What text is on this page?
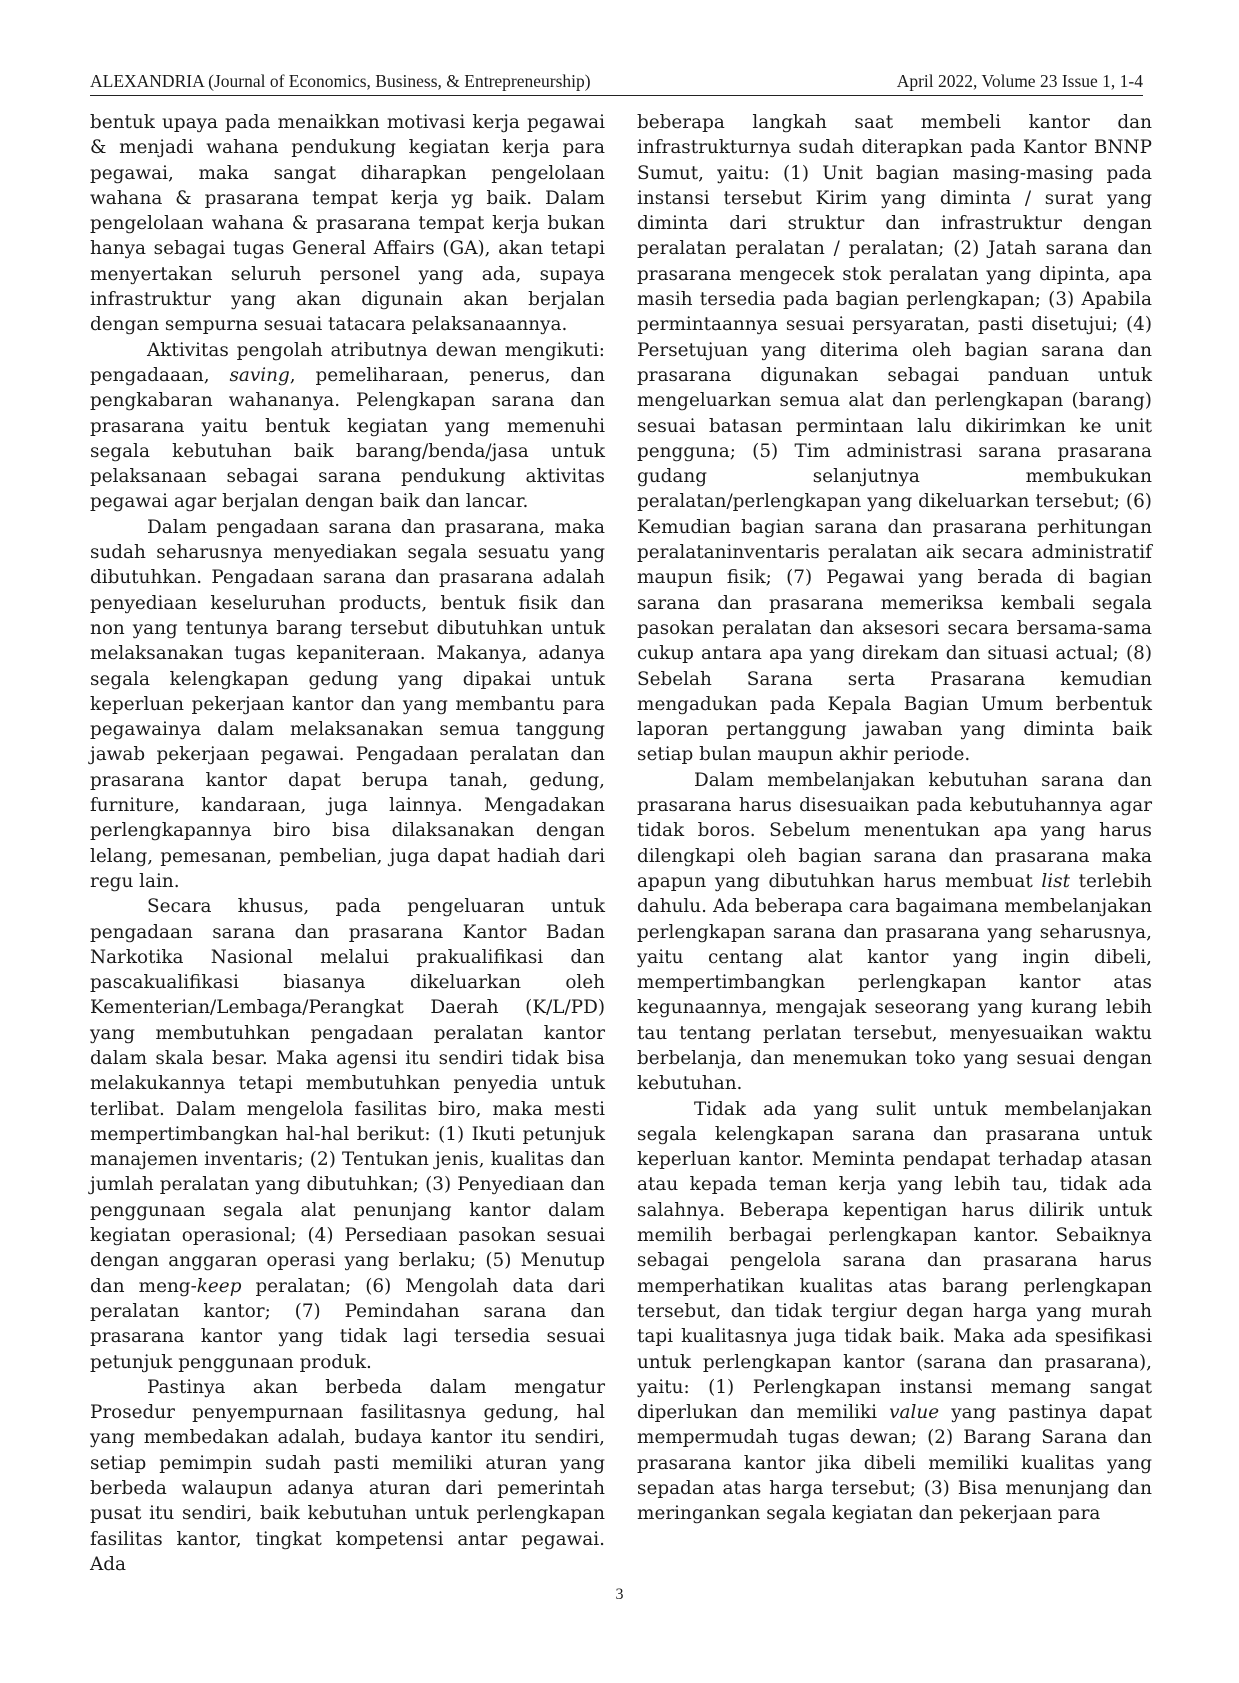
ALEXANDRIA (Journal of Economics, Business, & Entrepreneurship)	April 2022, Volume 23 Issue 1, 1-4

bentuk upaya pada menaikkan motivasi kerja pegawai & menjadi wahana pendukung kegiatan kerja para pegawai, maka sangat diharapkan pengelolaan wahana & prasarana tempat kerja yg baik. Dalam pengelolaan wahana & prasarana tempat kerja bukan hanya sebagai tugas General Affairs (GA), akan tetapi menyertakan seluruh personel yang ada, supaya infrastruktur yang akan digunain akan berjalan dengan sempurna sesuai tatacara pelaksanaannya.

Aktivitas pengolah atributnya dewan mengikuti: pengadaaan, saving, pemeliharaan, penerus, dan pengkabaran wahananya. Pelengkapan sarana dan prasarana yaitu bentuk kegiatan yang memenuhi segala kebutuhan baik barang/benda/jasa untuk pelaksanaan sebagai sarana pendukung aktivitas pegawai agar berjalan dengan baik dan lancar.

Dalam pengadaan sarana dan prasarana, maka sudah seharusnya menyediakan segala sesuatu yang dibutuhkan. Pengadaan sarana dan prasarana adalah penyediaan keseluruhan products, bentuk fisik dan non yang tentunya barang tersebut dibutuhkan untuk melaksanakan tugas kepaniteraan. Makanya, adanya segala kelengkapan gedung yang dipakai untuk keperluan pekerjaan kantor dan yang membantu para pegawainya dalam melaksanakan semua tanggung jawab pekerjaan pegawai. Pengadaan peralatan dan prasarana kantor dapat berupa tanah, gedung, furniture, kandaraan, juga lainnya. Mengadakan perlengkapannya biro bisa dilaksanakan dengan lelang, pemesanan, pembelian, juga dapat hadiah dari regu lain.

Secara khusus, pada pengeluaran untuk pengadaan sarana dan prasarana Kantor Badan Narkotika Nasional melalui prakualifikasi dan pascakualifikasi biasanya dikeluarkan oleh Kementerian/Lembaga/Perangkat Daerah (K/L/PD) yang membutuhkan pengadaan peralatan kantor dalam skala besar. Maka agensi itu sendiri tidak bisa melakukannya tetapi membutuhkan penyedia untuk terlibat. Dalam mengelola fasilitas biro, maka mesti mempertimbangkan hal-hal berikut: (1) Ikuti petunjuk manajemen inventaris; (2) Tentukan jenis, kualitas dan jumlah peralatan yang dibutuhkan; (3) Penyediaan dan penggunaan segala alat penunjang kantor dalam kegiatan operasional; (4) Persediaan pasokan sesuai dengan anggaran operasi yang berlaku; (5) Menutup dan meng-keep peralatan; (6) Mengolah data dari peralatan kantor; (7) Pemindahan sarana dan prasarana kantor yang tidak lagi tersedia sesuai petunjuk penggunaan produk.

Pastinya akan berbeda dalam mengatur Prosedur penyempurnaan fasilitasnya gedung, hal yang membedakan adalah, budaya kantor itu sendiri, setiap pemimpin sudah pasti memiliki aturan yang berbeda walaupun adanya aturan dari pemerintah pusat itu sendiri, baik kebutuhan untuk perlengkapan fasilitas kantor, tingkat kompetensi antar pegawai. Ada

beberapa langkah saat membeli kantor dan infrastrukturnya sudah diterapkan pada Kantor BNNP Sumut, yaitu: (1) Unit bagian masing-masing pada instansi tersebut Kirim yang diminta / surat yang diminta dari struktur dan infrastruktur dengan peralatan peralatan / peralatan; (2) Jatah sarana dan prasarana mengecek stok peralatan yang dipinta, apa masih tersedia pada bagian perlengkapan; (3) Apabila permintaannya sesuai persyaratan, pasti disetujui; (4) Persetujuan yang diterima oleh bagian sarana dan prasarana digunakan sebagai panduan untuk mengeluarkan semua alat dan perlengkapan (barang) sesuai batasan permintaan lalu dikirimkan ke unit pengguna; (5) Tim administrasi sarana prasarana gudang selanjutnya membukukan peralatan/perlengkapan yang dikeluarkan tersebut; (6) Kemudian bagian sarana dan prasarana perhitungan peralataninventaris peralatan aik secara administratif maupun fisik; (7) Pegawai yang berada di bagian sarana dan prasarana memeriksa kembali segala pasokan peralatan dan aksesori secara bersama-sama cukup antara apa yang direkam dan situasi actual; (8) Sebelah Sarana serta Prasarana kemudian mengadukan pada Kepala Bagian Umum berbentuk laporan pertanggung jawaban yang diminta baik setiap bulan maupun akhir periode.

Dalam membelanjakan kebutuhan sarana dan prasarana harus disesuaikan pada kebutuhannya agar tidak boros. Sebelum menentukan apa yang harus dilengkapi oleh bagian sarana dan prasarana maka apapun yang dibutuhkan harus membuat list terlebih dahulu. Ada beberapa cara bagaimana membelanjakan perlengkapan sarana dan prasarana yang seharusnya, yaitu centang alat kantor yang ingin dibeli, mempertimbangkan perlengkapan kantor atas kegunaannya, mengajak seseorang yang kurang lebih tau tentang perlatan tersebut, menyesuaikan waktu berbelanja, dan menemukan toko yang sesuai dengan kebutuhan.

Tidak ada yang sulit untuk membelanjakan segala kelengkapan sarana dan prasarana untuk keperluan kantor. Meminta pendapat terhadap atasan atau kepada teman kerja yang lebih tau, tidak ada salahnya. Beberapa kepentigan harus dilirik untuk memilih berbagai perlengkapan kantor. Sebaiknya sebagai pengelola sarana dan prasarana harus memperhatikan kualitas atas barang perlengkapan tersebut, dan tidak tergiur degan harga yang murah tapi kualitasnya juga tidak baik. Maka ada spesifikasi untuk perlengkapan kantor (sarana dan prasarana), yaitu: (1) Perlengkapan instansi memang sangat diperlukan dan memiliki value yang pastinya dapat mempermudah tugas dewan; (2) Barang Sarana dan prasarana kantor jika dibeli memiliki kualitas yang sepadan atas harga tersebut; (3) Bisa menunjang dan meringankan segala kegiatan dan pekerjaan para

3
